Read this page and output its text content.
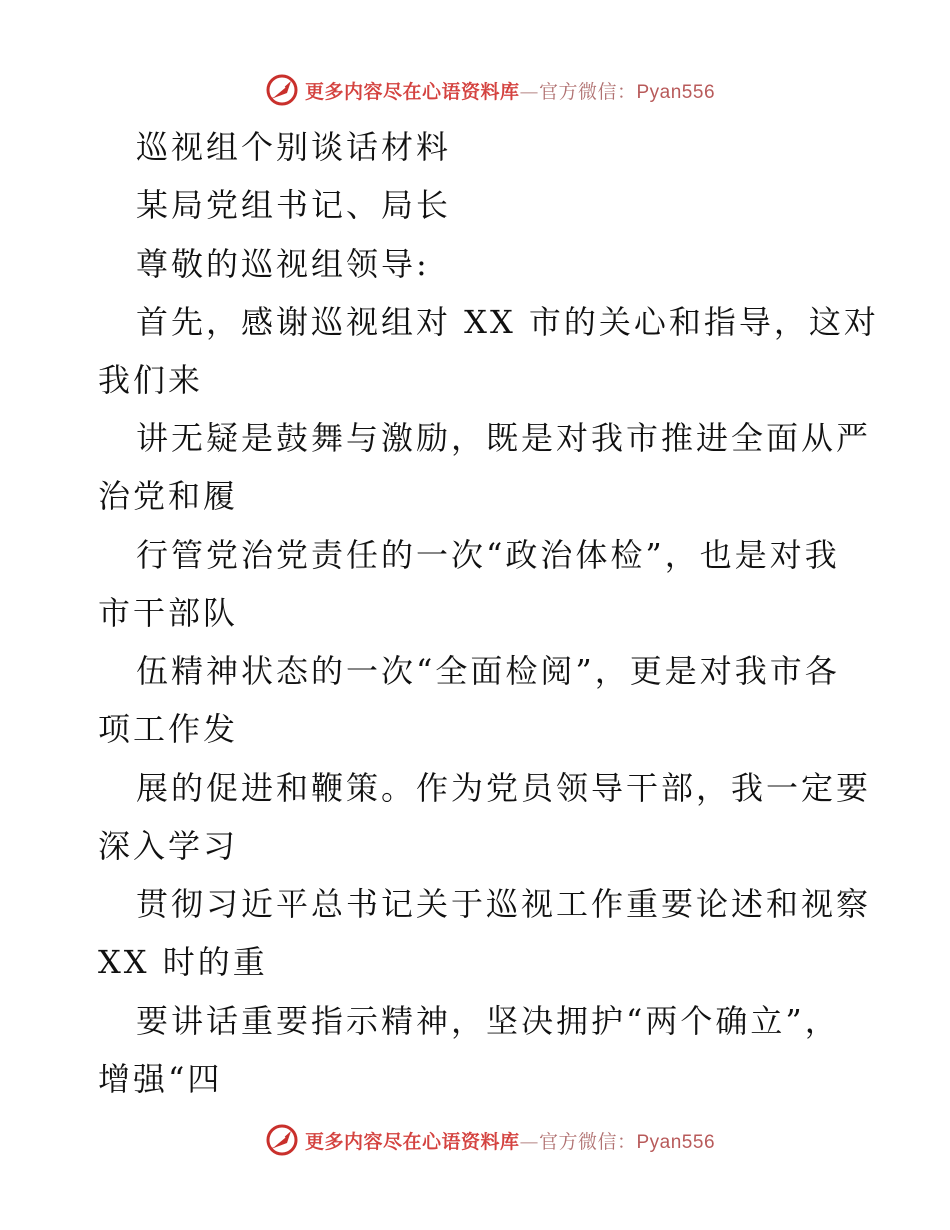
更多内容尽在心语资料库—官方微信：Pyan556
巡视组个别谈话材料
某局党组书记、局长
尊敬的巡视组领导:
首先，感谢巡视组对 XX 市的关心和指导，这对
我们来
讲无疑是鼓舞与激励，既是对我市推进全面从严
治党和履
行管党治党责任的一次“政治体检”，也是对我
市干部队
伍精神状态的一次“全面检阅”，更是对我市各
项工作发
展的促进和鞭策。作为党员领导干部，我一定要
深入学习
贯彻习近平总书记关于巡视工作重要论述和视察
XX 时的重
要讲话重要指示精神，坚决拥护“两个确立”，
增强“四
更多内容尽在心语资料库—官方微信：Pyan556
